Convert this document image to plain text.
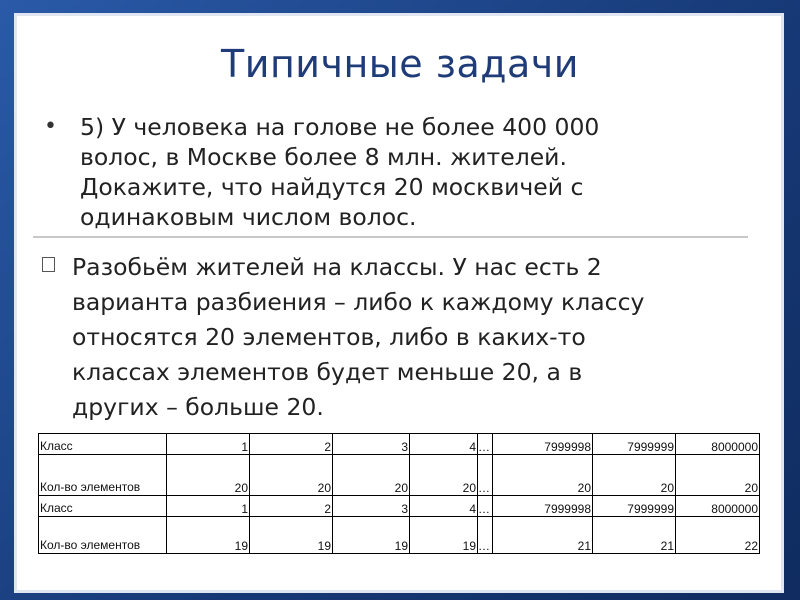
Типичные задачи
• 5) У человека на голове не более 400 000
волос, в Москве более 8 млн. жителей.
Докажите, что найдутся 20 москвичей с
одинаковым числом волос.
Разобьём жителей на классы. У нас есть 2
варианта разбиения – либо к каждому классу
относятся 20 элементов, либо в каких-то
классах элементов будет меньше 20, а в
других – больше 20.
Класс	1	2	3	4	…	7999998	7999999	8000000
Кол-во элементов	20	20	20	20	…	20	20	20
Класс	1	2	3	4	…	7999998	7999999	8000000
Кол-во элементов	19	19	19	19	…	21	21	22
